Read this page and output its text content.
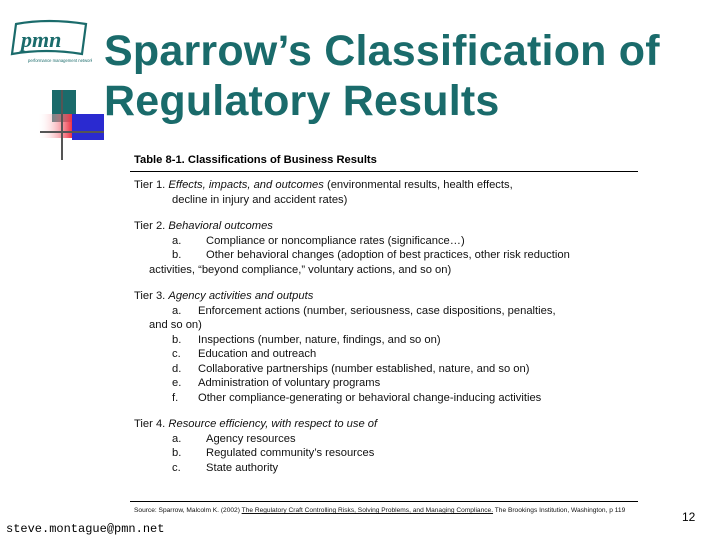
pmn
performance management network Sparrow’s Classification of
Regulatory Results
Table 8-1. Classifications of Business Results
Tier 1. Effects, impacts, and outcomes (environmental results, health effects,
decline in injury and accident rates)
Tier 2. Behavioral outcomes
a.	Compliance or noncompliance rates (significance…)
b.	Other behavioral changes (adoption of best practices, other risk reduction
activities, “beyond compliance,” voluntary actions, and so on)
Tier 3. Agency activities and outputs
a.	Enforcement actions (number, seriousness, case dispositions, penalties,
and so on)
b.	Inspections (number, nature, findings, and so on)
c.	Education and outreach
d.	Collaborative partnerships (number established, nature, and so on)
e.	Administration of voluntary programs
f.	Other compliance-generating or behavioral change-inducing activities
Tier 4. Resource efficiency, with respect to use of
a.	Agency resources
b.	Regulated community’s resources
c.	State authority
Source: Sparrow, Malcolm K. (2002) The Regulatory Craft Controlling Risks, Solving Problems, and Managing Compliance. The Brookings Institution, Washington, p 119
steve.montague@pmn.net
12
